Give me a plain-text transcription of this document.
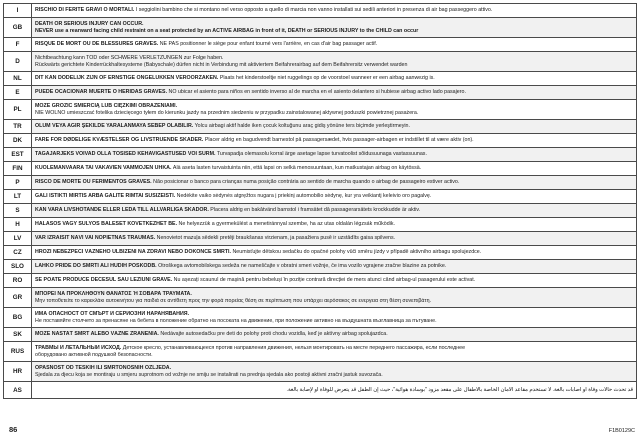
I	RISCHIO DI FERITE GRAVI O MORTALI. I seggiolini bambino che si montano nel verso opposto a quello di marcia non vanno installati sui sedili anteriori in presenza di air bag passeggero attivo.

GB	DEATH OR SERIOUS INJURY CAN OCCUR.
NEVER use a rearward facing child restraint on a seat protected by an ACTIVE AIRBAG in front of it, DEATH or SERIOUS INJURY to the CHILD can occur

F	RISQUE DE MORT OU DE BLESSURES GRAVES. NE PAS positionner le siège pour enfant tourné vers l'arrière, en cas d'air bag passager actif.

D	Nichtbeachtung kann TOD oder SCHWERE VERLETZUNGEN zur Folge haben.
Rückwärts gerichtete Kinderrückhaltesysteme (Babyschale) dürfen nicht in Verbindung mit aktiviertem Beifahrerairbag auf dem Beifahrersitz verwendet warden

NL	DIT KAN DODELIJK ZIJN OF ERNSTIGE ONGELUKKEN VEROORZAKEN. Plaats het kinderstoeltje niet ruggelings op de voorstoel wanneer er een airbag aanwezig is.

E	PUEDE OCACIONAR MUERTE O HERIDAS GRAVES. NO ubicar el asiento para niños en sentido inverso al de marcha en el asiento delantero si hubiese airbag activo lado pasajero.

PL	MOŻE GROZIĆ ŚMIERCIĄ LUB CIĘŻKIMI OBRAŻENIAMI.
NIE WOLNO umieszczać fotelika dziecięcego tyłem do kierunku jazdy na przednim siedzeniu w przypadku zainstalowanej aktywnej poduszki powietrznej pasażera.

TR	ÖLÜM VEYA AĞIR ŞEKİLDE YARALANMAYA SEBEP OLABİLİR. Yolcu airbagi aktif halde iken çocuk koltuğunu araç gidiş yönüne ters biçimde yerleştirmeyin.

DK	FARE FOR DØDELIGE KVÆSTELSER OG LIVSTRUENDE SKADER. Placer aldrig en bagudvendt barnestol på passagersædet, hvis passager-airbagen er indstillet til at være aktiv (on).

EST	TAGAJÄRJEKS VÕIVAD OLLA TÕSISED KEHAVIGASTUSED VÕI SURM. Turvapadja olemasolu korral ärge asetage lapse turvatoolist sõidusuunaga vastassuunas.

FIN	KUOLEMANVAARA TAI VAKAVIEN VAMMOJEN UHKA. Älä aseta lasten turvaistuinta niin, että lapsi on selkä menosuuntaan, kun matkustajan airbag on käytössä.

P	RISCO DE MORTE OU FERIMENTOS GRAVES. Não posicionar o banco para crianças numa posição contrária ao sentido de marcha quando o airbag de passageiro estiver activo.

LT	GALI IŠTIKTI MIRTIS ARBA GALITE RIMTAI SUSIŽEISTI. Nedėkite vaiko sėdynės atgręžtos nugara į priekinį automobilio sėdynę, kur yra veikiantį keleivio oro pagalvę.

S	KAN VARA LIVSHOTANDE ELLER LEDA TILL ALLVARLIGA SKADOR. Placera aldrig en bakåtvänd barnstol i framsätet då passagerarsätets krockkudde är aktiv.

H	HALÁSOS VAGY SÚLYOS BALESET KÖVETKEZHET BE. Ne helyezzük a gyermekülést a menetiránnyal szembe, ha az utas oldalán légzsák működik.

LV	VAR IZRAISĪT NĀVI VAI NOPIETNAS TRAUMAS. Nenovietot mazuļa sēdekli pretēji braukšanas virzienam, ja pasažiera pusē ir uzstādīts gaisa spilvens.

CZ	HROZÍ NEBEZPEČÍ VÁŽNÉHO ULBÍŽENÍ NA ZDRAVÍ NEBO DOKONCE SMRTI. Neumisťujte dětskou sedačku do opačné polohy vůči směru jízdy v případě aktivního airbagu spolujezdce.

SLO	LAHKO PRIDE DO SMRTI ALI HUDIH POŠKODB. Otroškega avtomobilskega sedeža ne nameščajte v obratni smeri vožnje, če ima vozilo vgrajene zračne blazine za potnike.

RO	SE POATE PRODUCE DECESUL SAU LEZIUNI GRAVE. Nu așezați scaunul de mașină pentru bebeluși în poziție contrară direcției de mers atunci când airbag-ul pasagerului este activat.

GR	ΜΠΟΡΕΙ ΝΑ ΠΡΟΚΛΗΘΟΥΝ ΘΑΝΑΤΟΣ Ή ΣΟΒΑΡΑ ΤΡΑΥΜΑΤΑ.
Μην τοποθετείτε το καρεκλάκι αυτοκινήτου για παιδιά σε αντίθετη προς την φορά πορείας θέση σε περίπτωση που υπάρχει αερόσακος σε ενεργεια στη θέση συνεπιβάτη.

BG	ИМА ОПАСНОСТ ОТ СМЪРТ И СЕРИОЗНИ НАРАНЯВАНИЯ.
Не поставяйте столчето за пренасяне на бебета в положение обратно на посоката на движение, при положение активно на въздушната възглавница за пътуване.

SK	MÔŽE NASTAŤ SMRŤ ALEBO VÁŽNE ZRANENIA. Nedávajte autosedačku pre deti do polohy proti chodu vozidla, keď je aktívny airbag spolujazdca.

RUS	ТРАВМЫ И ЛЕТАЛЬНЫЙ ИСХОД. Детское кресло, устанавливающееся против направления движения, нельзя монтировать на месте переднего пассажира, если последнее
оборудовано активной подушкой безопасности.

HR	OPASNOST OD TEŠKIH ILI SMRTONOSNIH OZLJEDA.
Sjedala za djecu koja se montiraju u smjeru suprotnom od vožnje ne smiju se instalirati na prednja sjedala ako postoji aktivni zračni jastuk suvozača.

AS	قد تحدث حالات وفاة أو اصابات بالغة. لا تستخدم مقاعد الأمان الخاصة بالأطفال على مقعد مزود "بوسادة هوائية"، حيث إن الطفل قد يتعرض للوفاة أو لإصابة بالغة.
86	F1B0129C
